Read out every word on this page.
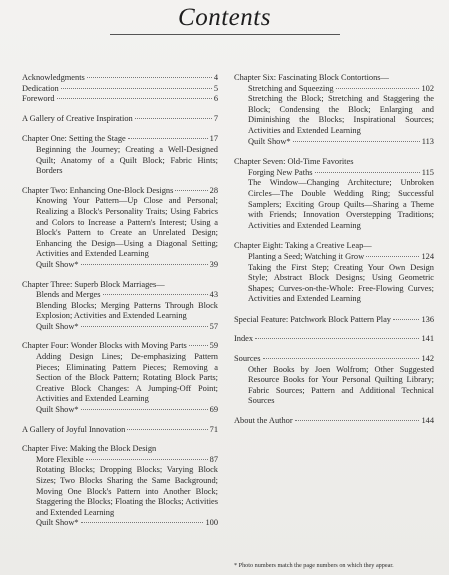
Contents
Acknowledgments	4
Dedication	5
Foreword	6
A Gallery of Creative Inspiration	7
Chapter One: Setting the Stage	17
Beginning the Journey; Creating a Well-Designed Quilt; Anatomy of a Quilt Block; Fabric Hints; Borders
Chapter Two: Enhancing One-Block Designs	28
Knowing Your Pattern—Up Close and Personal; Realizing a Block's Personality Traits; Using Fabrics and Colors to Increase a Pattern's Interest; Using a Block's Pattern to Create an Unrelated Design; Enhancing the Design—Using a Diagonal Setting; Activities and Extended Learning
Quilt Show*	39
Chapter Three: Superb Block Marriages—
Blends and Merges	43
Blending Blocks; Merging Patterns Through Block Explosion; Activities and Extended Learning
Quilt Show*	57
Chapter Four: Wonder Blocks with Moving Parts	59
Adding Design Lines; De-emphasizing Pattern Pieces; Eliminating Pattern Pieces; Removing a Section of the Block Pattern; Rotating Block Parts; Creative Block Changes: A Jumping-Off Point; Activities and Extended Learning
Quilt Show*	69
A Gallery of Joyful Innovation	71
Chapter Five: Making the Block Design
More Flexible	87
Rotating Blocks; Dropping Blocks; Varying Block Sizes; Two Blocks Sharing the Same Background; Moving One Block's Pattern into Another Block; Staggering the Blocks; Floating the Blocks; Activities and Extended Learning
Quilt Show*	100
Chapter Six: Fascinating Block Contortions—
Stretching and Squeezing	102
Stretching the Block; Stretching and Staggering the Block; Condensing the Block; Enlarging and Diminishing the Blocks; Inspirational Sources; Activities and Extended Learning
Quilt Show*	113
Chapter Seven: Old-Time Favorites
Forging New Paths	115
The Window—Changing Architecture; Unbroken Circles—The Double Wedding Ring; Successful Samplers; Exciting Group Quilts—Sharing a Theme with Friends; Innovation Overstepping Traditions; Activities and Extended Learning
Chapter Eight: Taking a Creative Leap—
Planting a Seed; Watching it Grow	124
Taking the First Step; Creating Your Own Design Style; Abstract Block Designs; Using Geometric Shapes; Curves-on-the-Whole: Free-Flowing Curves; Activities and Extended Learning
Special Feature: Patchwork Block Pattern Play	136
Index	141
Sources	142
Other Books by Joen Wolfrom; Other Suggested Resource Books for Your Personal Quilting Library; Fabric Sources; Pattern and Additional Technical Sources
About the Author	144
* Photo numbers match the page numbers on which they appear.
